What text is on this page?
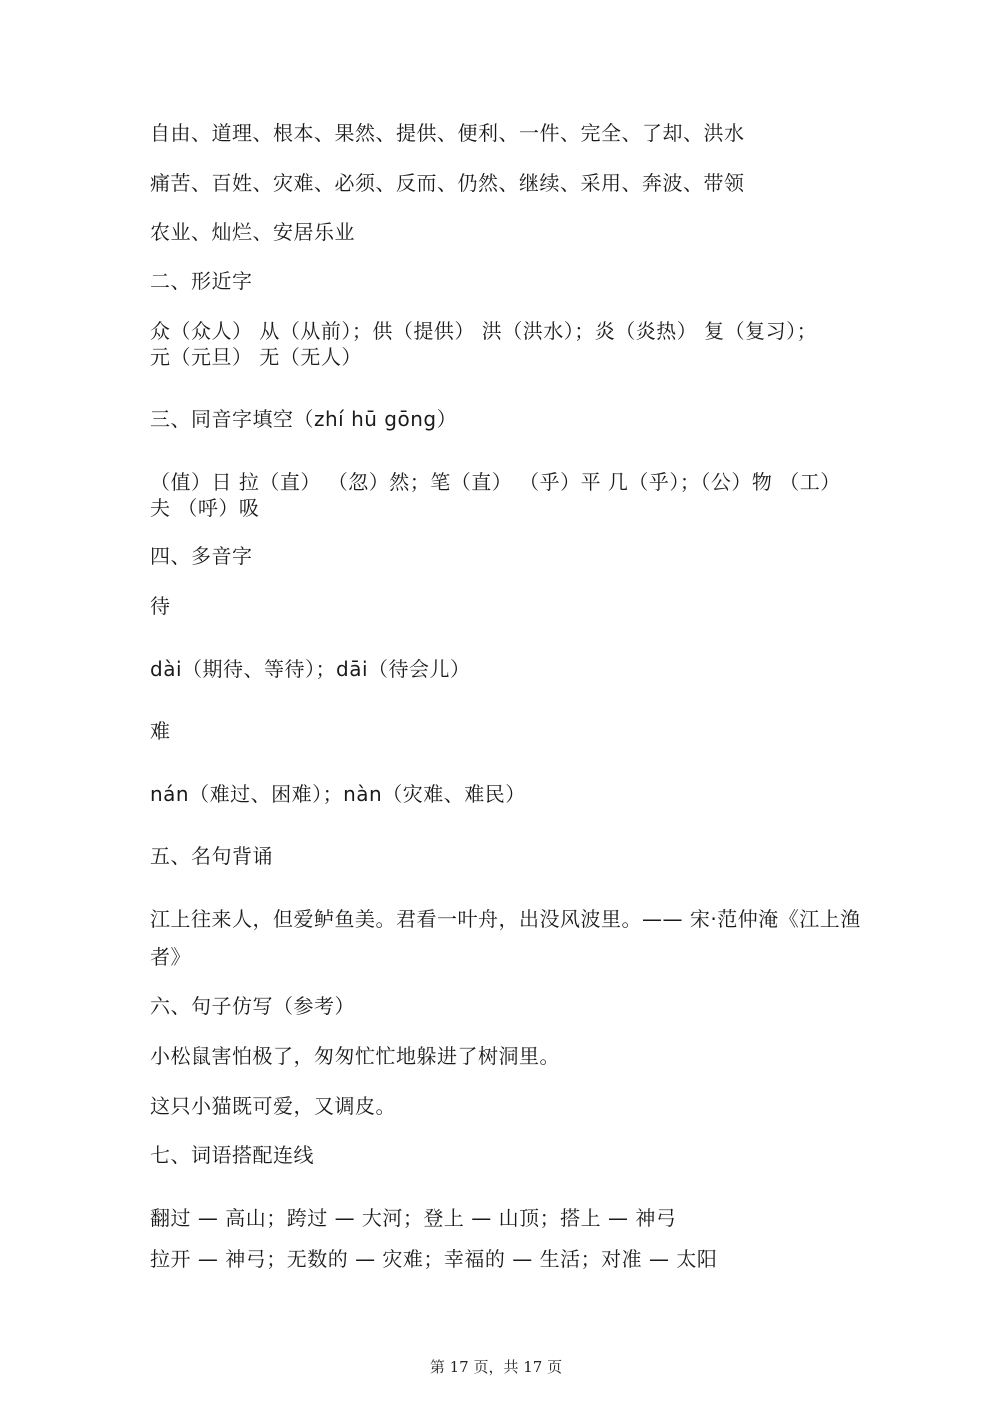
自由、道理、根本、果然、提供、便利、一件、完全、了却、洪水
痛苦、百姓、灾难、必须、反而、仍然、继续、采用、奔波、带领
农业、灿烂、安居乐业
二、形近字
众（众人） 从（从前）；供（提供） 洪（洪水）；炎（炎热） 复（复习）；
元（元旦） 无（无人）
三、同音字填空（zhí hū gōng）
（值）日 拉（直） （忽）然；笔（直） （乎）平 几（乎）；（公）物 （工）
夫 （呼）吸
四、多音字
待
dài（期待、等待）；dāi（待会儿）
难
nán（难过、困难）；nàn（灾难、难民）
五、名句背诵
江上往来人，但爱鲈鱼美。君看一叶舟，出没风波里。—— 宋·范仲淹《江上渔
者》
六、句子仿写（参考）
小松鼠害怕极了，匆匆忙忙地躲进了树洞里。
这只小猫既可爱，又调皮。
七、词语搭配连线
翻过 — 高山；跨过 — 大河；登上 — 山顶；搭上 — 神弓
拉开 — 神弓；无数的 — 灾难；幸福的 — 生活；对准 — 太阳
第 17 页，共 17 页
